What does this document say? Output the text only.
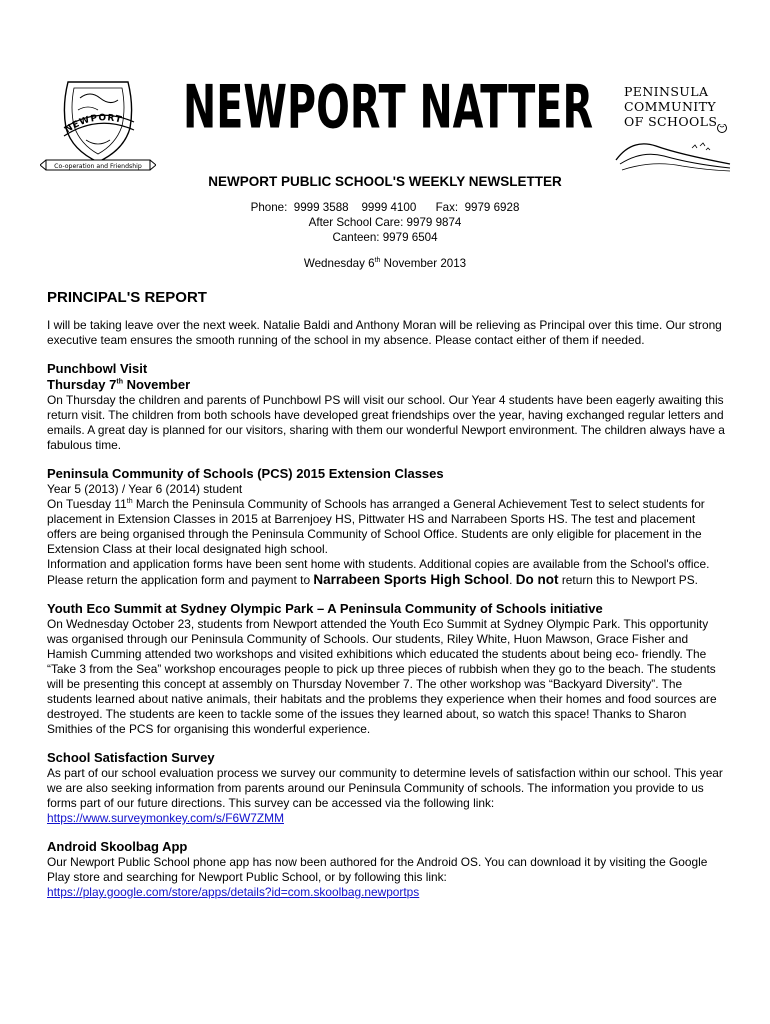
NEWPORT
Co-operation and Friendship
NEWPORT NATTER PENINSULA
COMMUNITY
OF SCHOOLS
NEWPORT PUBLIC SCHOOL'S WEEKLY NEWSLETTER
Phone:  9999 3588    9999 4100      Fax:  9979 6928
After School Care: 9979 9874
Canteen: 9979 6504
Wednesday 6th November 2013
PRINCIPAL'S REPORT

I will be taking leave over the next week. Natalie Baldi and Anthony Moran will be relieving as Principal over this time. Our strong executive team ensures the smooth running of the school in my absence. Please contact either of them if needed.

Punchbowl Visit
Thursday 7th November

On Thursday the children and parents of Punchbowl PS will visit our school. Our Year 4 students have been eagerly awaiting this return visit. The children from both schools have developed great friendships over the year, having exchanged regular letters and emails. A great day is planned for our visitors, sharing with them our wonderful Newport environment. The children always have a fabulous time.

Peninsula Community of Schools (PCS) 2015 Extension Classes

Year 5 (2013) / Year 6 (2014) student

On Tuesday 11th March the Peninsula Community of Schools has arranged a General Achievement Test to select students for placement in Extension Classes in 2015 at Barrenjoey HS, Pittwater HS and Narrabeen Sports HS. The test and placement offers are being organised through the Peninsula Community of School Office. Students are only eligible for placement in the Extension Class at their local designated high school.

Information and application forms have been sent home with students. Additional copies are available from the School's office. Please return the application form and payment to Narrabeen Sports High School. Do not return this to Newport PS.

Youth Eco Summit at Sydney Olympic Park – A Peninsula Community of Schools initiative

On Wednesday October 23, students from Newport attended the Youth Eco Summit at Sydney Olympic Park. This opportunity was organised through our Peninsula Community of Schools. Our students, Riley White, Huon Mawson, Grace Fisher and Hamish Cumming attended two workshops and visited exhibitions which educated the students about being eco- friendly. The “Take 3 from the Sea” workshop encourages people to pick up three pieces of rubbish when they go to the beach. The students will be presenting this concept at assembly on Thursday November 7. The other workshop was “Backyard Diversity”. The students learned about native animals, their habitats and the problems they experience when their homes and food sources are destroyed. The students are keen to tackle some of the issues they learned about, so watch this space! Thanks to Sharon Smithies of the PCS for organising this wonderful experience.

School Satisfaction Survey

As part of our school evaluation process we survey our community to determine levels of satisfaction within our school. This year we are also seeking information from parents around our Peninsula Community of schools. The information you provide to us forms part of our future directions. This survey can be accessed via the following link:

https://www.surveymonkey.com/s/F6W7ZMM

Android Skoolbag App

Our Newport Public School phone app has now been authored for the Android OS. You can download it by visiting the Google Play store and searching for Newport Public School, or by following this link:

https://play.google.com/store/apps/details?id=com.skoolbag.newportps
